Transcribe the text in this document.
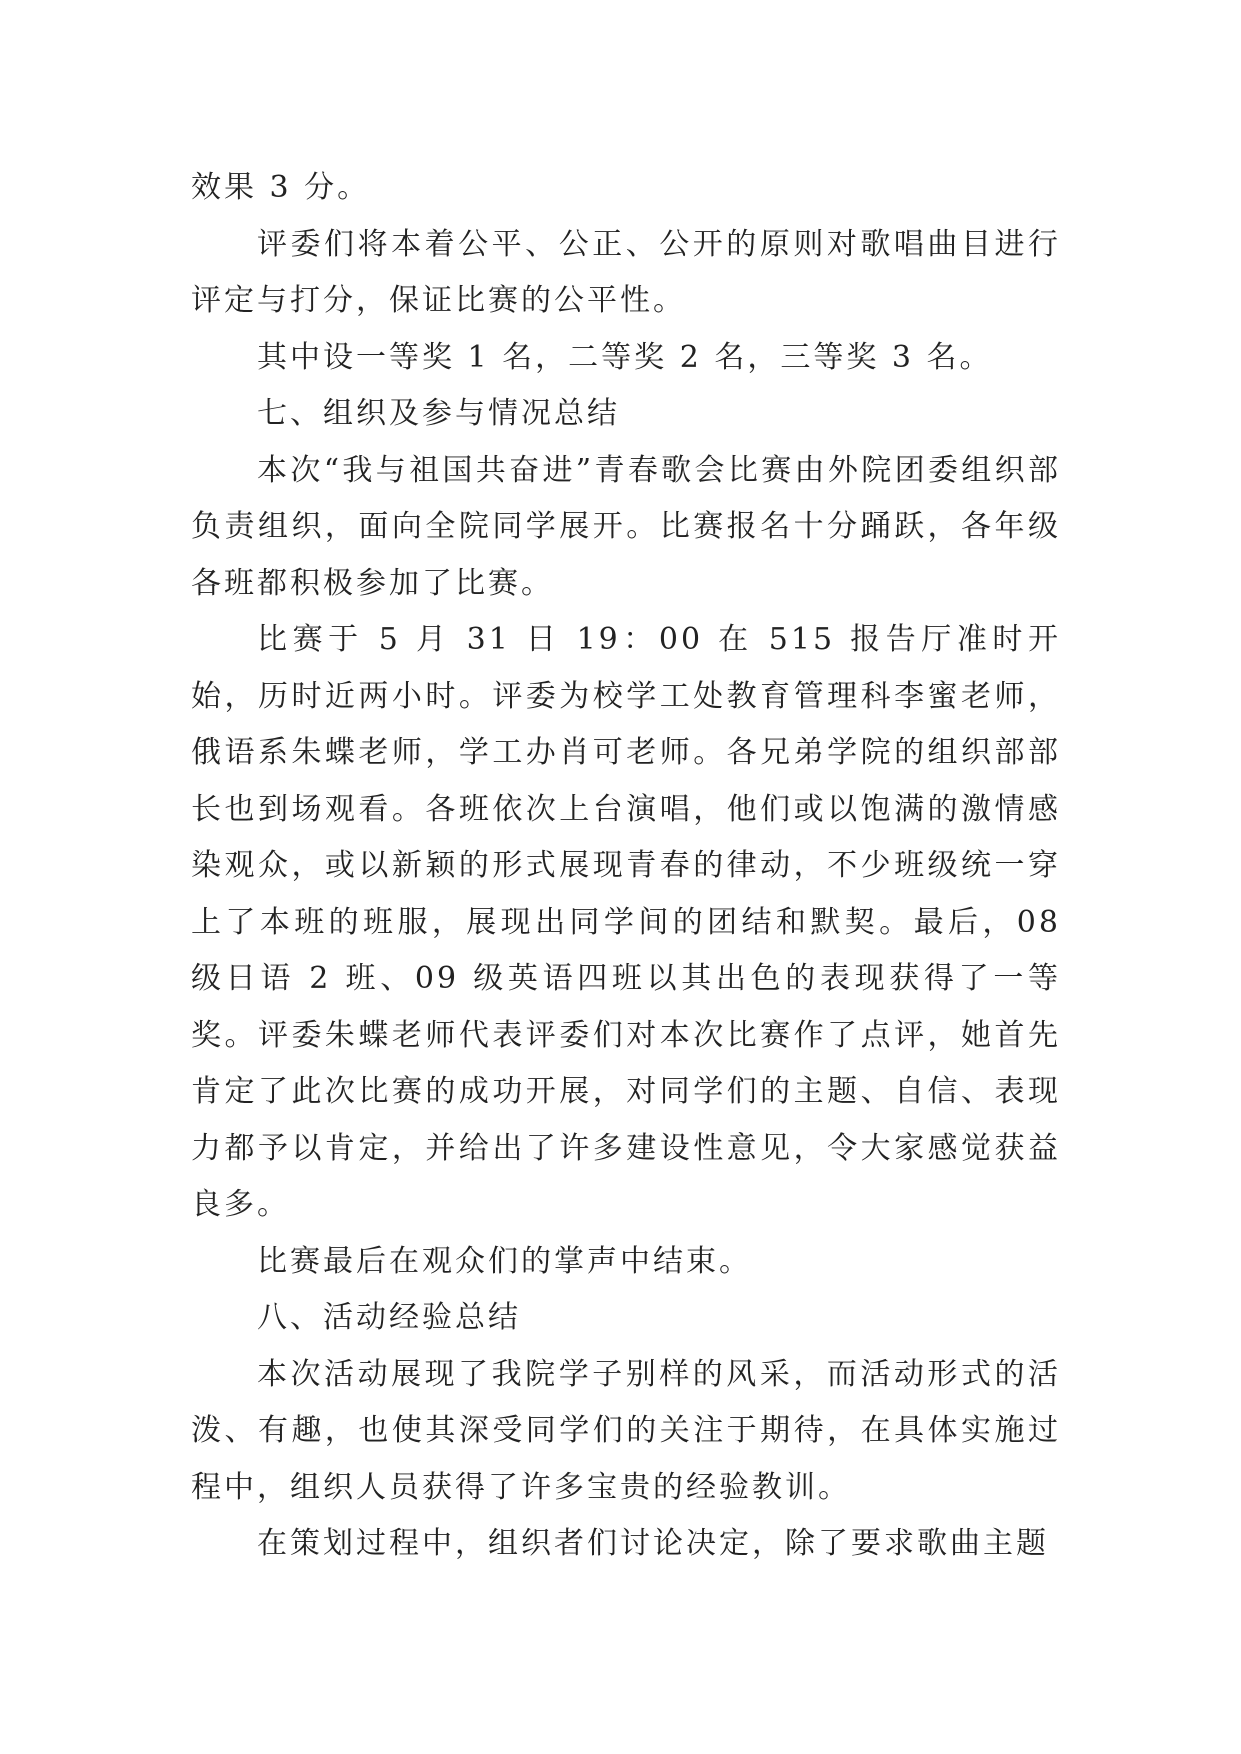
效果 3 分。

评委们将本着公平、公正、公开的原则对歌唱曲目进行评定与打分，保证比赛的公平性。

其中设一等奖 1 名，二等奖 2 名，三等奖 3 名。

七、组织及参与情况总结

本次“我与祖国共奋进”青春歌会比赛由外院团委组织部负责组织，面向全院同学展开。比赛报名十分踊跃，各年级各班都积极参加了比赛。

比赛于 5 月 31 日 19：00 在 515 报告厅准时开始，历时近两小时。评委为校学工处教育管理科李蜜老师，俄语系朱蝶老师，学工办肖可老师。各兄弟学院的组织部部长也到场观看。各班依次上台演唱，他们或以饱满的激情感染观众，或以新颖的形式展现青春的律动，不少班级统一穿上了本班的班服，展现出同学间的团结和默契。最后，08 级日语 2 班、09 级英语四班以其出色的表现获得了一等奖。评委朱蝶老师代表评委们对本次比赛作了点评，她首先肯定了此次比赛的成功开展，对同学们的主题、自信、表现力都予以肯定，并给出了许多建设性意见，令大家感觉获益良多。

比赛最后在观众们的掌声中结束。

八、活动经验总结

本次活动展现了我院学子别样的风采，而活动形式的活泼、有趣，也使其深受同学们的关注于期待，在具体实施过程中，组织人员获得了许多宝贵的经验教训。

在策划过程中，组织者们讨论决定，除了要求歌曲主题
